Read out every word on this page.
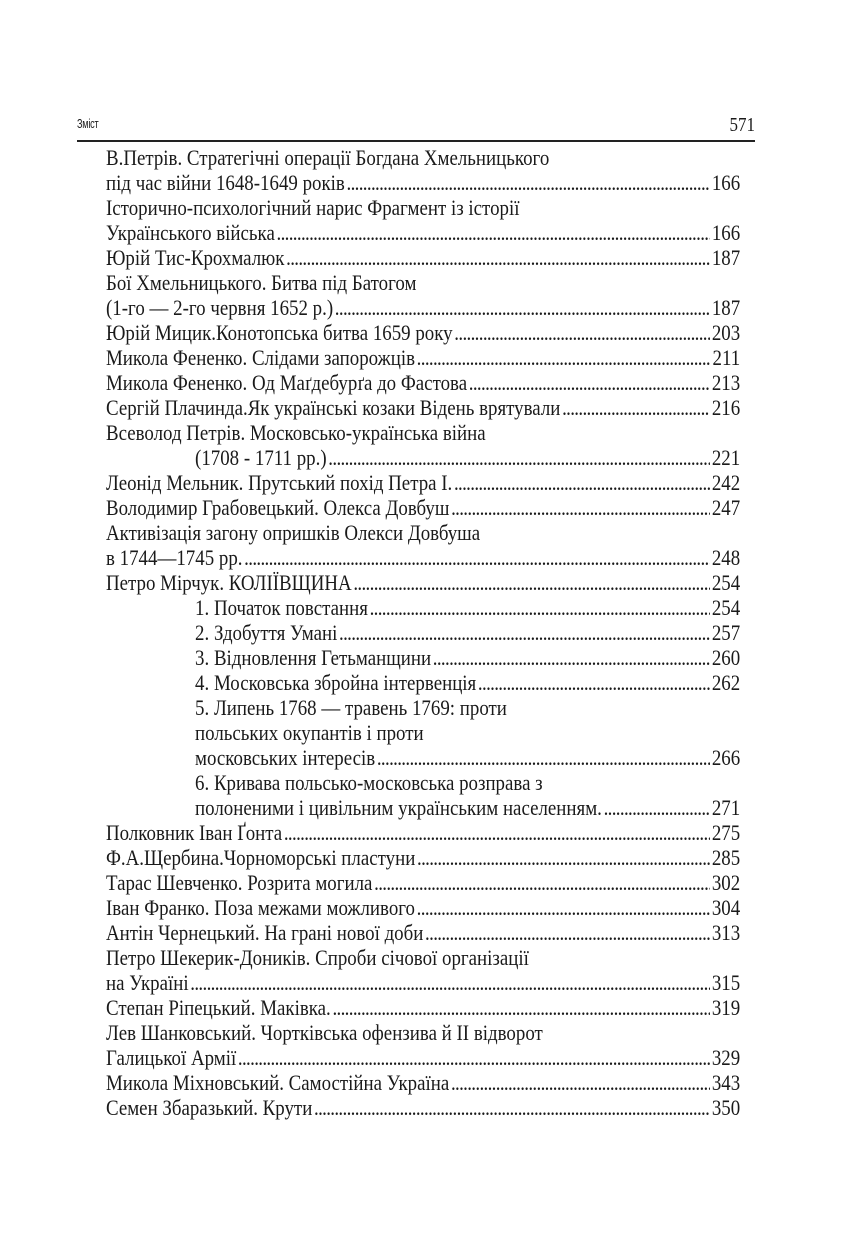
Зміст	571
В.Петрів. Стратегічні операції Богдана Хмельницького
під час війни 1648-1649 років . . .	166
Історично-психологічний нарис Фрагмент із історії
Українського війська . . .	166
Юрій Тис-Крохмалюк . . .	187
Бої Хмельницького. Битва під Батогом
(1-го — 2-го червня 1652 р.) . . .	187
Юрій Мицик.Конотопська битва 1659 року . . .	203
Микола Фененко. Слідами запорожців . . .	211
Микола Фененко. Од Маґдебурґа до Фастова . . .	213
Сергій Плачинда.Як українські козаки Відень врятували . . .	216
Всеволод Петрів. Московсько-українська війна
(1708 - 1711 рр.) . . .	221
Леонід Мельник. Прутський похід Петра І. . . .	242
Володимир Грабовецький. Олекса Довбуш . . .	247
Активізація загону опришків Олекси Довбуша
в 1744—1745 рр. . . .	248
Петро Мірчук. КОЛІЇВЩИНА . . .	254
1. Початок повстання . . .	254
2. Здобуття Умані . . .	257
3. Відновлення Гетьманщини . . .	260
4. Московська збройна інтервенція . . .	262
5. Липень 1768 — травень 1769: проти
польських окупантів і проти
московських інтересів . . .	266
6. Кривава польсько-московська розправа з
полоненими і цивільним українським населенням. . . .	271
Полковник Іван Ґонта . . .	275
Ф.А.Щербина.Чорноморські пластуни . . .	285
Тарас Шевченко. Розрита могила . . .	302
Іван Франко. Поза межами можливого . . .	304
Антін Чернецький. На грані нової доби . . .	313
Петро Шекерик-Доників. Спроби січової організації
на Україні . . .	315
Степан Ріпецький. Маківка. . . .	319
Лев Шанковський. Чортківська офензива й ІІ відворот
Галицької Армії . . .	329
Микола Міхновський. Самостійна Україна . . .	343
Семен Збаразький. Крути . . .	350
